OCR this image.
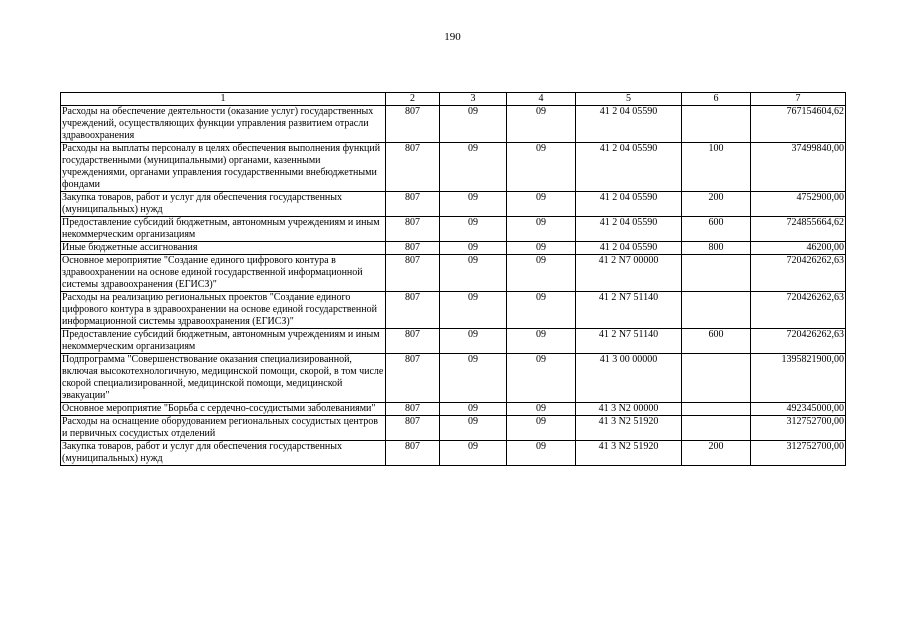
190
1	2	3	4	5	6	7
Расходы на обеспечение деятельности (оказание услуг) государственных учреждений, осуществляющих функции управления развитием отрасли здравоохранения	807	09	09	41 2 04 05590		767154604,62
Расходы на выплаты персоналу в целях обеспечения выполнения функций государственными (муниципальными) органами, казенными учреждениями, органами управления государственными внебюджетными фондами	807	09	09	41 2 04 05590	100	37499840,00
Закупка товаров, работ и услуг для обеспечения государственных (муниципальных) нужд	807	09	09	41 2 04 05590	200	4752900,00
Предоставление субсидий бюджетным, автономным учреждениям и иным некоммерческим организациям	807	09	09	41 2 04 05590	600	724855664,62
Иные бюджетные ассигнования	807	09	09	41 2 04 05590	800	46200,00
Основное мероприятие "Создание единого цифрового контура в здравоохранении на основе единой государственной информационной системы здравоохранения (ЕГИСЗ)"	807	09	09	41 2 N7 00000		720426262,63
Расходы на реализацию региональных проектов "Создание единого цифрового контура в здравоохранении на основе единой государственной информационной системы здравоохранения (ЕГИСЗ)"	807	09	09	41 2 N7 51140		720426262,63
Предоставление субсидий бюджетным, автономным учреждениям и иным некоммерческим организациям	807	09	09	41 2 N7 51140	600	720426262,63
Подпрограмма "Совершенствование оказания специализированной, включая высокотехнологичную, медицинской помощи, скорой, в том числе скорой специализированной, медицинской помощи, медицинской эвакуации"	807	09	09	41 3 00 00000		1395821900,00
Основное мероприятие "Борьба с сердечно-сосудистыми заболеваниями"	807	09	09	41 3 N2 00000		492345000,00
Расходы на оснащение оборудованием региональных сосудистых центров и первичных сосудистых отделений	807	09	09	41 3 N2 51920		312752700,00
Закупка товаров, работ и услуг для обеспечения государственных (муниципальных) нужд	807	09	09	41 3 N2 51920	200	312752700,00
